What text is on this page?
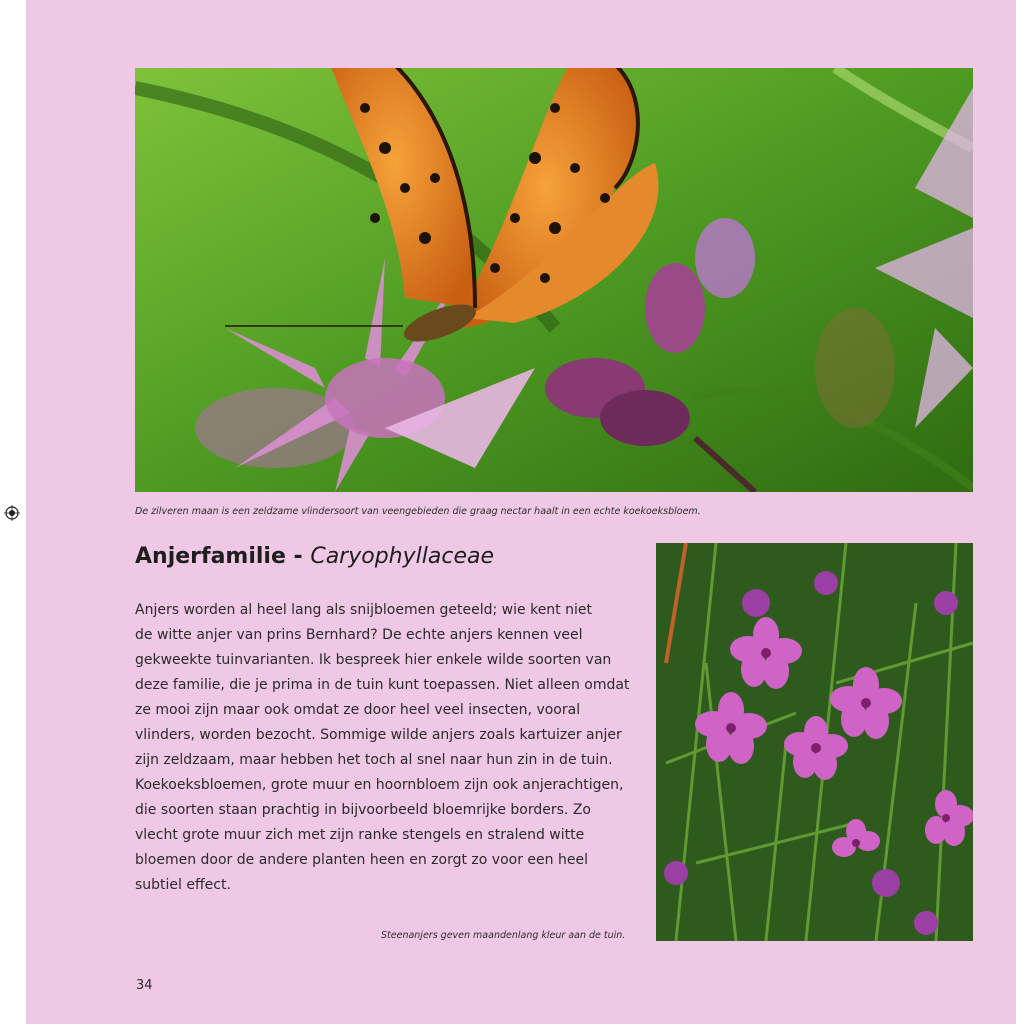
De zilveren maan is een zeldzame vlindersoort van veengebieden die graag nectar haalt in een echte koekoeksbloem.
Anjerfamilie - Caryophyllaceae
Anjers worden al heel lang als snijbloemen geteeld; wie kent niet
de witte anjer van prins Bernhard? De echte anjers kennen veel
gekweekte tuinvarianten. Ik bespreek hier enkele wilde soorten van
deze familie, die je prima in de tuin kunt toepassen. Niet alleen omdat
ze mooi zijn maar ook omdat ze door heel veel insecten, vooral
vlinders, worden bezocht. Sommige wilde anjers zoals kartuizer anjer
zijn zeldzaam, maar hebben het toch al snel naar hun zin in de tuin.
Koekoeksbloemen, grote muur en hoornbloem zijn ook anjerachtigen,
die soorten staan prachtig in bijvoorbeeld bloemrijke borders. Zo
vlecht grote muur zich met zijn ranke stengels en stralend witte
bloemen door de andere planten heen en zorgt zo voor een heel
subtiel effect.
Steenanjers geven maandenlang kleur aan de tuin.
34
